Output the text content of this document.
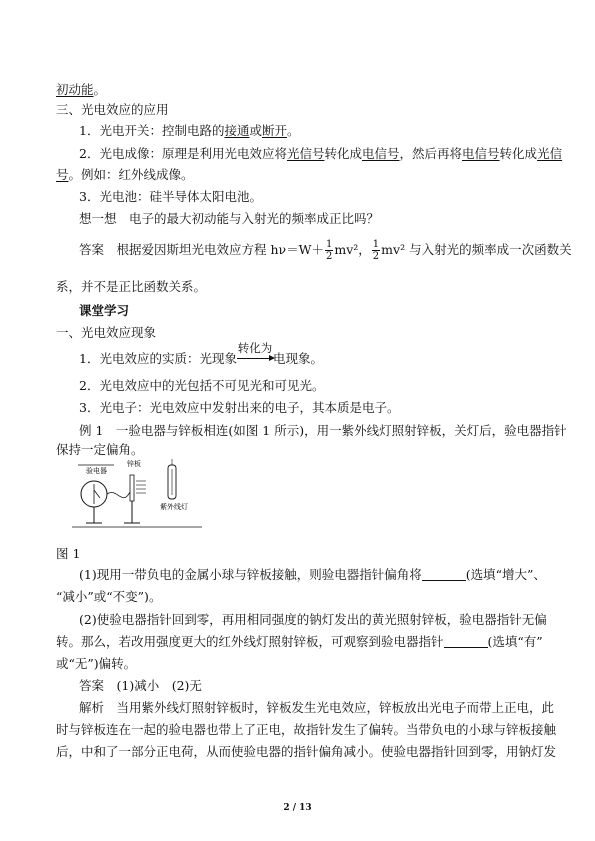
初动能。
三、光电效应的应用
1．光电开关：控制电路的接通或断开。
2．光电成像：原理是利用光电效应将光信号转化成电信号，然后再将电信号转化成光信
号。例如：红外线成像。
3．光电池：硅半导体太阳电池。
想一想　电子的最大初动能与入射光的频率成正比吗？
答案　根据爱因斯坦光电效应方程 $h\nu=W+ \frac{1}{2} mv^2$， $\frac{1}{2} mv^2$ 与入射光的频率成一次函数关
系，并不是正比函数关系。
课堂学习
一、光电效应现象
1．光电效应的实质：光现象
转化为
电现象。
2．光电效应中的光包括不可见光和可见光。
3．光电子：光电效应中发射出来的电子，其本质是电子。
例 1　一验电器与锌板相连(如图 1 所示)，用一紫外线灯照射锌板，关灯后，验电器指针
保持一定偏角。
验电器
锌板
紫外线灯
图 1
(1)现用一带负电的金属小球与锌板接触，则验电器指针偏角将	(选填“增大”、
“减小”或“不变”)。
(2)使验电器指针回到零，再用相同强度的钠灯发出的黄光照射锌板，验电器指针无偏
转。那么，若改用强度更大的红外线灯照射锌板，可观察到验电器指针	(选填“有”
或“无”)偏转。
答案　(1)减小　(2)无
解析　当用紫外线灯照射锌板时，锌板发生光电效应，锌板放出光电子而带上正电，此
时与锌板连在一起的验电器也带上了正电，故指针发生了偏转。当带负电的小球与锌板接触
后，中和了一部分正电荷，从而使验电器的指针偏角减小。使验电器指针回到零，用钠灯发
2 / 13
